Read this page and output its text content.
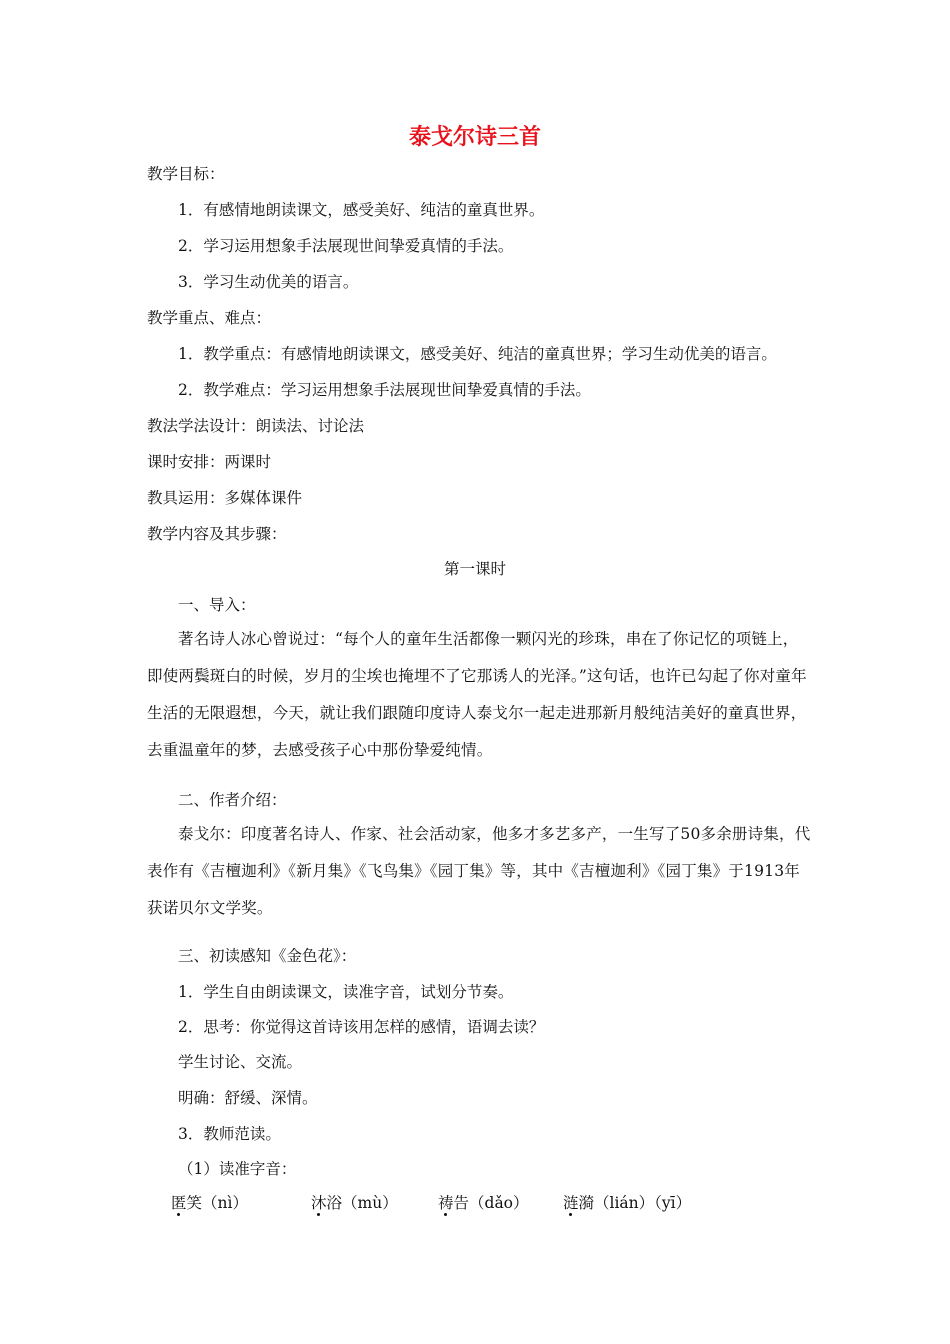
泰戈尔诗三首

教学目标：

1．有感情地朗读课文，感受美好、纯洁的童真世界。

2．学习运用想象手法展现世间挚爱真情的手法。

3．学习生动优美的语言。

教学重点、难点：

1．教学重点：有感情地朗读课文，感受美好、纯洁的童真世界；学习生动优美的语言。

2．教学难点：学习运用想象手法展现世间挚爱真情的手法。

教法学法设计：朗读法、讨论法

课时安排：两课时

教具运用：多媒体课件

教学内容及其步骤：

第一课时

一、导入：

著名诗人冰心曾说过：“每个人的童年生活都像一颗闪光的珍珠，串在了你记忆的项链上，即使两鬓斑白的时候，岁月的尘埃也掩埋不了它那诱人的光泽。”这句话，也许已勾起了你对童年生活的无限遐想，今天，就让我们跟随印度诗人泰戈尔一起走进那新月般纯洁美好的童真世界，去重温童年的梦，去感受孩子心中那份挚爱纯情。

二、作者介绍：

泰戈尔：印度著名诗人、作家、社会活动家，他多才多艺多产，一生写了50多余册诗集，代表作有《吉檀迦利》《新月集》《飞鸟集》《园丁集》等，其中《吉檀迦利》《园丁集》于1913年获诺贝尔文学奖。

三、初读感知《金色花》：

1．学生自由朗读课文，读准字音，试划分节奏。

2．思考：你觉得这首诗该用怎样的感情，语调去读？

学生讨论、交流。

明确：舒缓、深情。

3．教师范读。

（1）读准字音：

匿笑（nì）	沐浴（mù）	祷告（dǎo） 涟漪（lián）（yī）
